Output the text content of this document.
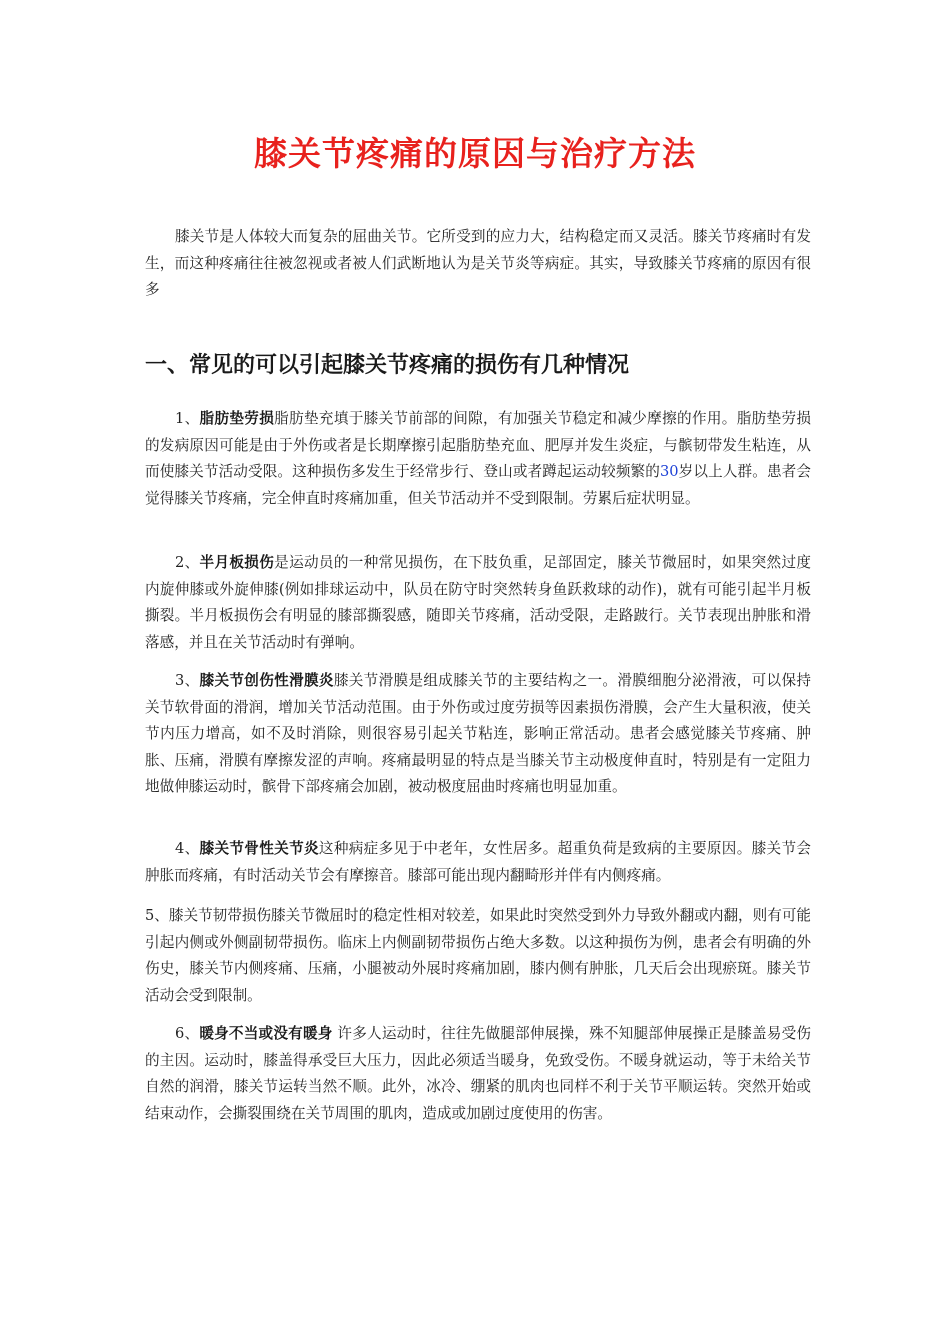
膝关节疼痛的原因与治疗方法

膝关节是人体较大而复杂的屈曲关节。它所受到的应力大，结构稳定而又灵活。膝关节疼痛时有发生，而这种疼痛往往被忽视或者被人们武断地认为是关节炎等病症。其实，导致膝关节疼痛的原因有很多

一、常见的可以引起膝关节疼痛的损伤有几种情况

1、脂肪垫劳损脂肪垫充填于膝关节前部的间隙，有加强关节稳定和减少摩擦的作用。脂肪垫劳损的发病原因可能是由于外伤或者是长期摩擦引起脂肪垫充血、肥厚并发生炎症，与髌韧带发生粘连，从而使膝关节活动受限。这种损伤多发生于经常步行、登山或者蹲起运动较频繁的30岁以上人群。患者会觉得膝关节疼痛，完全伸直时疼痛加重，但关节活动并不受到限制。劳累后症状明显。

2、半月板损伤是运动员的一种常见损伤，在下肢负重，足部固定，膝关节微屈时，如果突然过度内旋伸膝或外旋伸膝(例如排球运动中，队员在防守时突然转身鱼跃救球的动作)，就有可能引起半月板撕裂。半月板损伤会有明显的膝部撕裂感，随即关节疼痛，活动受限，走路跛行。关节表现出肿胀和滑落感，并且在关节活动时有弹响。

3、膝关节创伤性滑膜炎膝关节滑膜是组成膝关节的主要结构之一。滑膜细胞分泌滑液，可以保持关节软骨面的滑润，增加关节活动范围。由于外伤或过度劳损等因素损伤滑膜，会产生大量积液，使关节内压力增高，如不及时消除，则很容易引起关节粘连，影响正常活动。患者会感觉膝关节疼痛、肿胀、压痛，滑膜有摩擦发涩的声响。疼痛最明显的特点是当膝关节主动极度伸直时，特别是有一定阻力地做伸膝运动时，髌骨下部疼痛会加剧，被动极度屈曲时疼痛也明显加重。

4、膝关节骨性关节炎这种病症多见于中老年，女性居多。超重负荷是致病的主要原因。膝关节会肿胀而疼痛，有时活动关节会有摩擦音。膝部可能出现内翻畸形并伴有内侧疼痛。

5、膝关节韧带损伤膝关节微屈时的稳定性相对较差，如果此时突然受到外力导致外翻或内翻，则有可能引起内侧或外侧副韧带损伤。临床上内侧副韧带损伤占绝大多数。以这种损伤为例，患者会有明确的外伤史，膝关节内侧疼痛、压痛，小腿被动外展时疼痛加剧，膝内侧有肿胀，几天后会出现瘀斑。膝关节活动会受到限制。

6、暖身不当或没有暖身 许多人运动时，往往先做腿部伸展操，殊不知腿部伸展操正是膝盖易受伤的主因。运动时，膝盖得承受巨大压力，因此必须适当暖身，免致受伤。不暖身就运动，等于未给关节自然的润滑，膝关节运转当然不顺。此外，冰冷、绷紧的肌肉也同样不利于关节平顺运转。突然开始或结束动作，会撕裂围绕在关节周围的肌肉，造成或加剧过度使用的伤害。
